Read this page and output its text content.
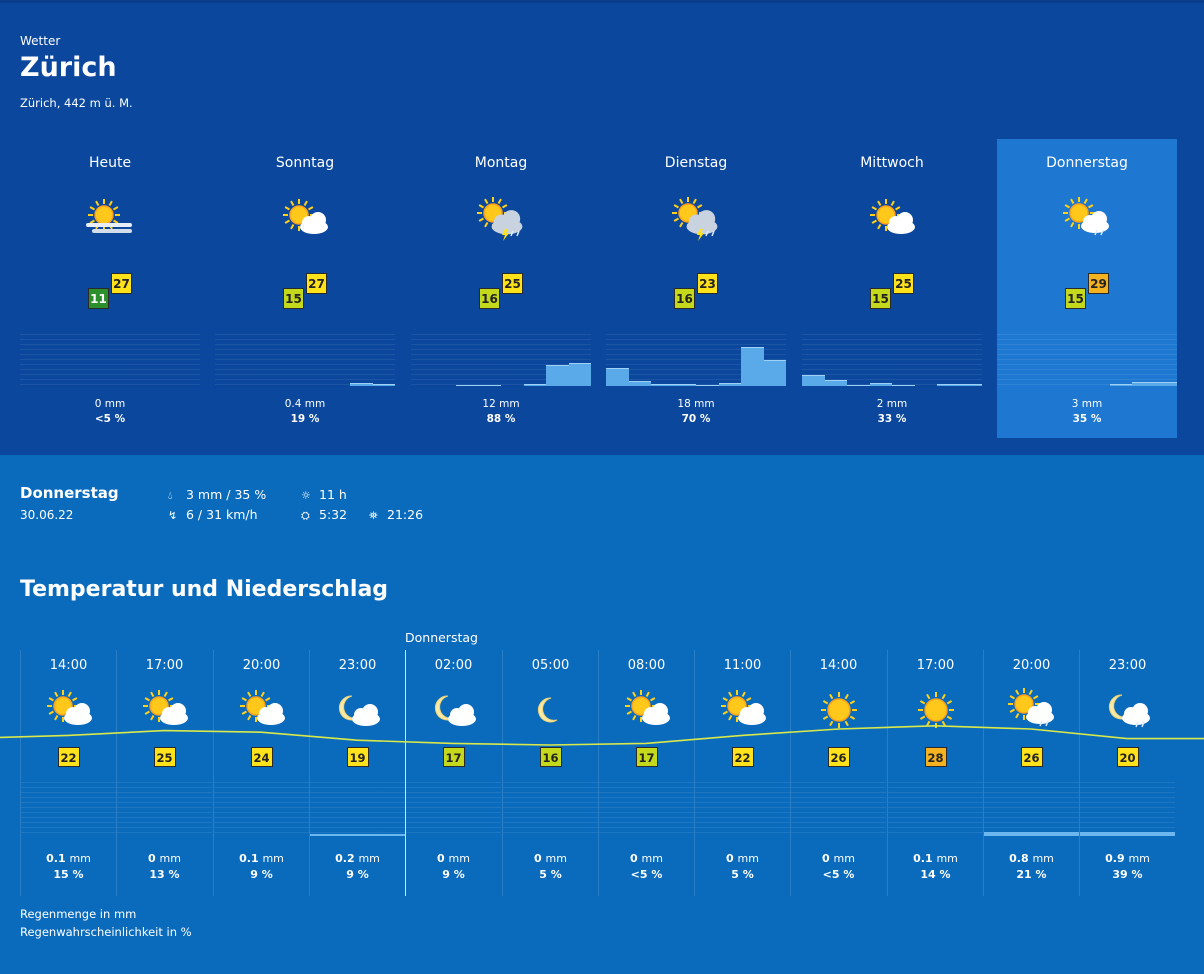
Wetter
Zürich
Zürich, 442 m ü. M.
Heute
11
27
0 mm
<5 %
Sonntag
15
27
0.4 mm
19 %
Montag
16
25
12 mm
88 %
Dienstag
16
23
18 mm
70 %
Mittwoch
15
25
2 mm
33 %
Donnerstag
15
29
3 mm
35 %
Donnerstag
30.06.22
💧︎ 3 mm / 35 %
↯ 6 / 31 km/h
☼ 11 h
⛭ 5:32 ⛯ 21:26
Temperatur und Niederschlag
Donnerstag
14:00
22
0.1 mm
15 %
17:00
25
0 mm
13 %
20:00
24
0.1 mm
9 %
23:00
19
0.2 mm
9 %
02:00
17
0 mm
9 %
05:00
16
0 mm
5 %
08:00
17
0 mm
<5 %
11:00
22
0 mm
5 %
14:00
26
0 mm
<5 %
17:00
28
0.1 mm
14 %
20:00
26
0.8 mm
21 %
23:00
20
0.9 mm
39 %
Regenmenge in mm
Regenwahrscheinlichkeit in %
